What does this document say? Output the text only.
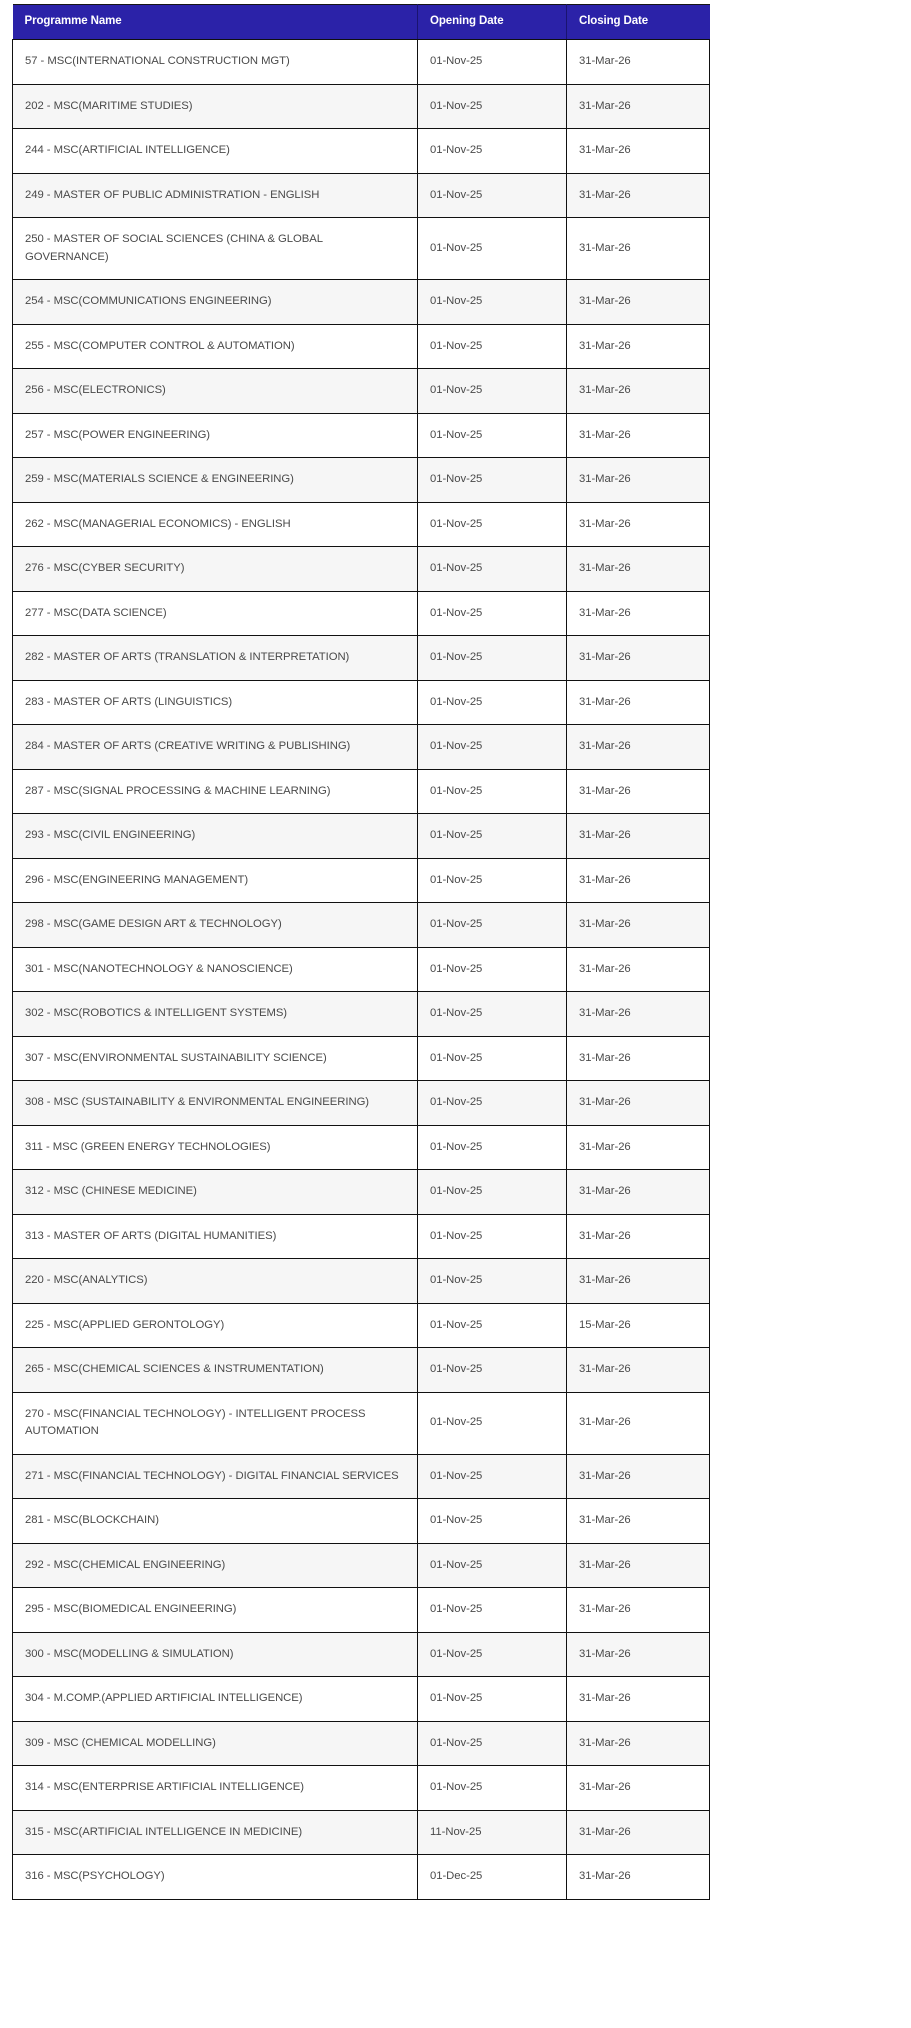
Programme Name	Opening Date	Closing Date
57 - MSC(INTERNATIONAL CONSTRUCTION MGT)	01-Nov-25	31-Mar-26
202 - MSC(MARITIME STUDIES)	01-Nov-25	31-Mar-26
244 - MSC(ARTIFICIAL INTELLIGENCE)	01-Nov-25	31-Mar-26
249 - MASTER OF PUBLIC ADMINISTRATION - ENGLISH	01-Nov-25	31-Mar-26
250 - MASTER OF SOCIAL SCIENCES (CHINA & GLOBAL GOVERNANCE)	01-Nov-25	31-Mar-26
254 - MSC(COMMUNICATIONS ENGINEERING)	01-Nov-25	31-Mar-26
255 - MSC(COMPUTER CONTROL & AUTOMATION)	01-Nov-25	31-Mar-26
256 - MSC(ELECTRONICS)	01-Nov-25	31-Mar-26
257 - MSC(POWER ENGINEERING)	01-Nov-25	31-Mar-26
259 - MSC(MATERIALS SCIENCE & ENGINEERING)	01-Nov-25	31-Mar-26
262 - MSC(MANAGERIAL ECONOMICS) - ENGLISH	01-Nov-25	31-Mar-26
276 - MSC(CYBER SECURITY)	01-Nov-25	31-Mar-26
277 - MSC(DATA SCIENCE)	01-Nov-25	31-Mar-26
282 - MASTER OF ARTS (TRANSLATION & INTERPRETATION)	01-Nov-25	31-Mar-26
283 - MASTER OF ARTS (LINGUISTICS)	01-Nov-25	31-Mar-26
284 - MASTER OF ARTS (CREATIVE WRITING & PUBLISHING)	01-Nov-25	31-Mar-26
287 - MSC(SIGNAL PROCESSING & MACHINE LEARNING)	01-Nov-25	31-Mar-26
293 - MSC(CIVIL ENGINEERING)	01-Nov-25	31-Mar-26
296 - MSC(ENGINEERING MANAGEMENT)	01-Nov-25	31-Mar-26
298 - MSC(GAME DESIGN ART & TECHNOLOGY)	01-Nov-25	31-Mar-26
301 - MSC(NANOTECHNOLOGY & NANOSCIENCE)	01-Nov-25	31-Mar-26
302 - MSC(ROBOTICS & INTELLIGENT SYSTEMS)	01-Nov-25	31-Mar-26
307 - MSC(ENVIRONMENTAL SUSTAINABILITY SCIENCE)	01-Nov-25	31-Mar-26
308 - MSC (SUSTAINABILITY & ENVIRONMENTAL ENGINEERING)	01-Nov-25	31-Mar-26
311 - MSC (GREEN ENERGY TECHNOLOGIES)	01-Nov-25	31-Mar-26
312 - MSC (CHINESE MEDICINE)	01-Nov-25	31-Mar-26
313 - MASTER OF ARTS (DIGITAL HUMANITIES)	01-Nov-25	31-Mar-26
220 - MSC(ANALYTICS)	01-Nov-25	31-Mar-26
225 - MSC(APPLIED GERONTOLOGY)	01-Nov-25	15-Mar-26
265 - MSC(CHEMICAL SCIENCES & INSTRUMENTATION)	01-Nov-25	31-Mar-26
270 - MSC(FINANCIAL TECHNOLOGY) - INTELLIGENT PROCESS AUTOMATION	01-Nov-25	31-Mar-26
271 - MSC(FINANCIAL TECHNOLOGY) - DIGITAL FINANCIAL SERVICES	01-Nov-25	31-Mar-26
281 - MSC(BLOCKCHAIN)	01-Nov-25	31-Mar-26
292 - MSC(CHEMICAL ENGINEERING)	01-Nov-25	31-Mar-26
295 - MSC(BIOMEDICAL ENGINEERING)	01-Nov-25	31-Mar-26
300 - MSC(MODELLING & SIMULATION)	01-Nov-25	31-Mar-26
304 - M.COMP.(APPLIED ARTIFICIAL INTELLIGENCE)	01-Nov-25	31-Mar-26
309 - MSC (CHEMICAL MODELLING)	01-Nov-25	31-Mar-26
314 - MSC(ENTERPRISE ARTIFICIAL INTELLIGENCE)	01-Nov-25	31-Mar-26
315 - MSC(ARTIFICIAL INTELLIGENCE IN MEDICINE)	11-Nov-25	31-Mar-26
316 - MSC(PSYCHOLOGY)	01-Dec-25	31-Mar-26
